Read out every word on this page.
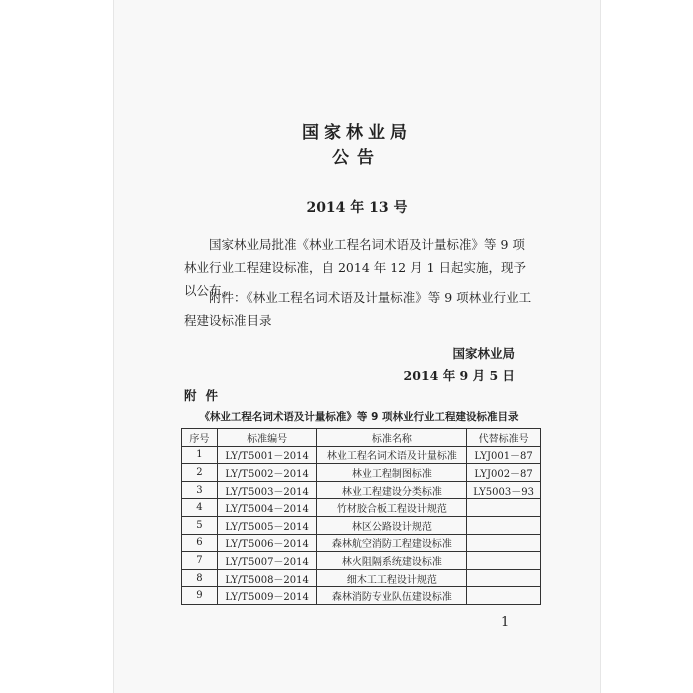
国家林业局
公告
2014 年 13 号
国家林业局批准《林业工程名词术语及计量标准》等 9 项林业行业工程建设标准，自 2014 年 12 月 1 日起实施，现予以公布。
附件：《林业工程名词术语及计量标准》等 9 项林业行业工程建设标准目录
国家林业局
2014 年 9 月 5 日
附件
《林业工程名词术语及计量标准》等 9 项林业行业工程建设标准目录
序号	标准编号	标准名称	代替标准号
1	LY/T5001－2014	林业工程名词术语及计量标准	LYJ001－87
2	LY/T5002－2014	林业工程制图标准	LYJ002－87
3	LY/T5003－2014	林业工程建设分类标准	LY5003－93
4	LY/T5004－2014	竹材胶合板工程设计规范	
5	LY/T5005－2014	林区公路设计规范	
6	LY/T5006－2014	森林航空消防工程建设标准	
7	LY/T5007－2014	林火阻隔系统建设标准	
8	LY/T5008－2014	细木工工程设计规范	
9	LY/T5009－2014	森林消防专业队伍建设标准	
1
